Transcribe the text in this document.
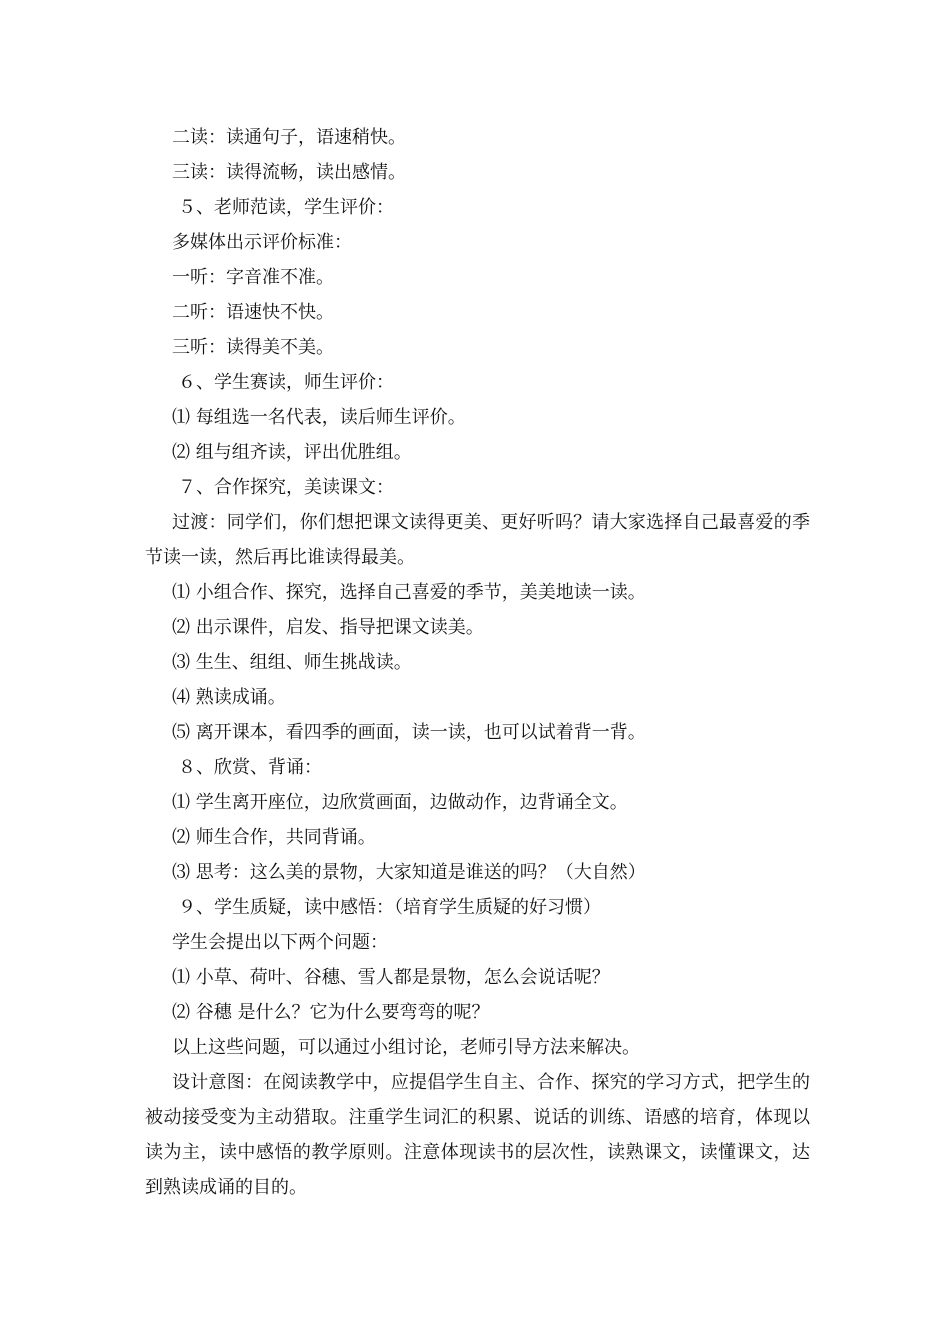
二读：读通句子，语速稍快。

三读：读得流畅，读出感情。

５、老师范读，学生评价：

多媒体出示评价标准：

一听：字音准不准。

二听：语速快不快。

三听：读得美不美。

６、学生赛读，师生评价：

⑴ 每组选一名代表，读后师生评价。

⑵ 组与组齐读，评出优胜组。

７、合作探究，美读课文：

过渡：同学们，你们想把课文读得更美、更好听吗？请大家选择自己最喜爱的季节读一读，然后再比谁读得最美。

⑴ 小组合作、探究，选择自己喜爱的季节，美美地读一读。

⑵ 出示课件，启发、指导把课文读美。

⑶ 生生、组组、师生挑战读。

⑷ 熟读成诵。

⑸ 离开课本，看四季的画面，读一读，也可以试着背一背。

８、欣赏、背诵：

⑴ 学生离开座位，边欣赏画面，边做动作，边背诵全文。

⑵ 师生合作，共同背诵。

⑶ 思考：这么美的景物，大家知道是谁送的吗？（大自然）

９、学生质疑，读中感悟：（培育学生质疑的好习惯）

学生会提出以下两个问题：

⑴ 小草、荷叶、谷穗、雪人都是景物，怎么会说话呢？

⑵ 谷穗 是什么？它为什么要弯弯的呢？

以上这些问题，可以通过小组讨论，老师引导方法来解决。

设计意图：在阅读教学中，应提倡学生自主、合作、探究的学习方式，把学生的被动接受变为主动猎取。注重学生词汇的积累、说话的训练、语感的培育，体现以读为主，读中感悟的教学原则。注意体现读书的层次性，读熟课文，读懂课文，达到熟读成诵的目的。
